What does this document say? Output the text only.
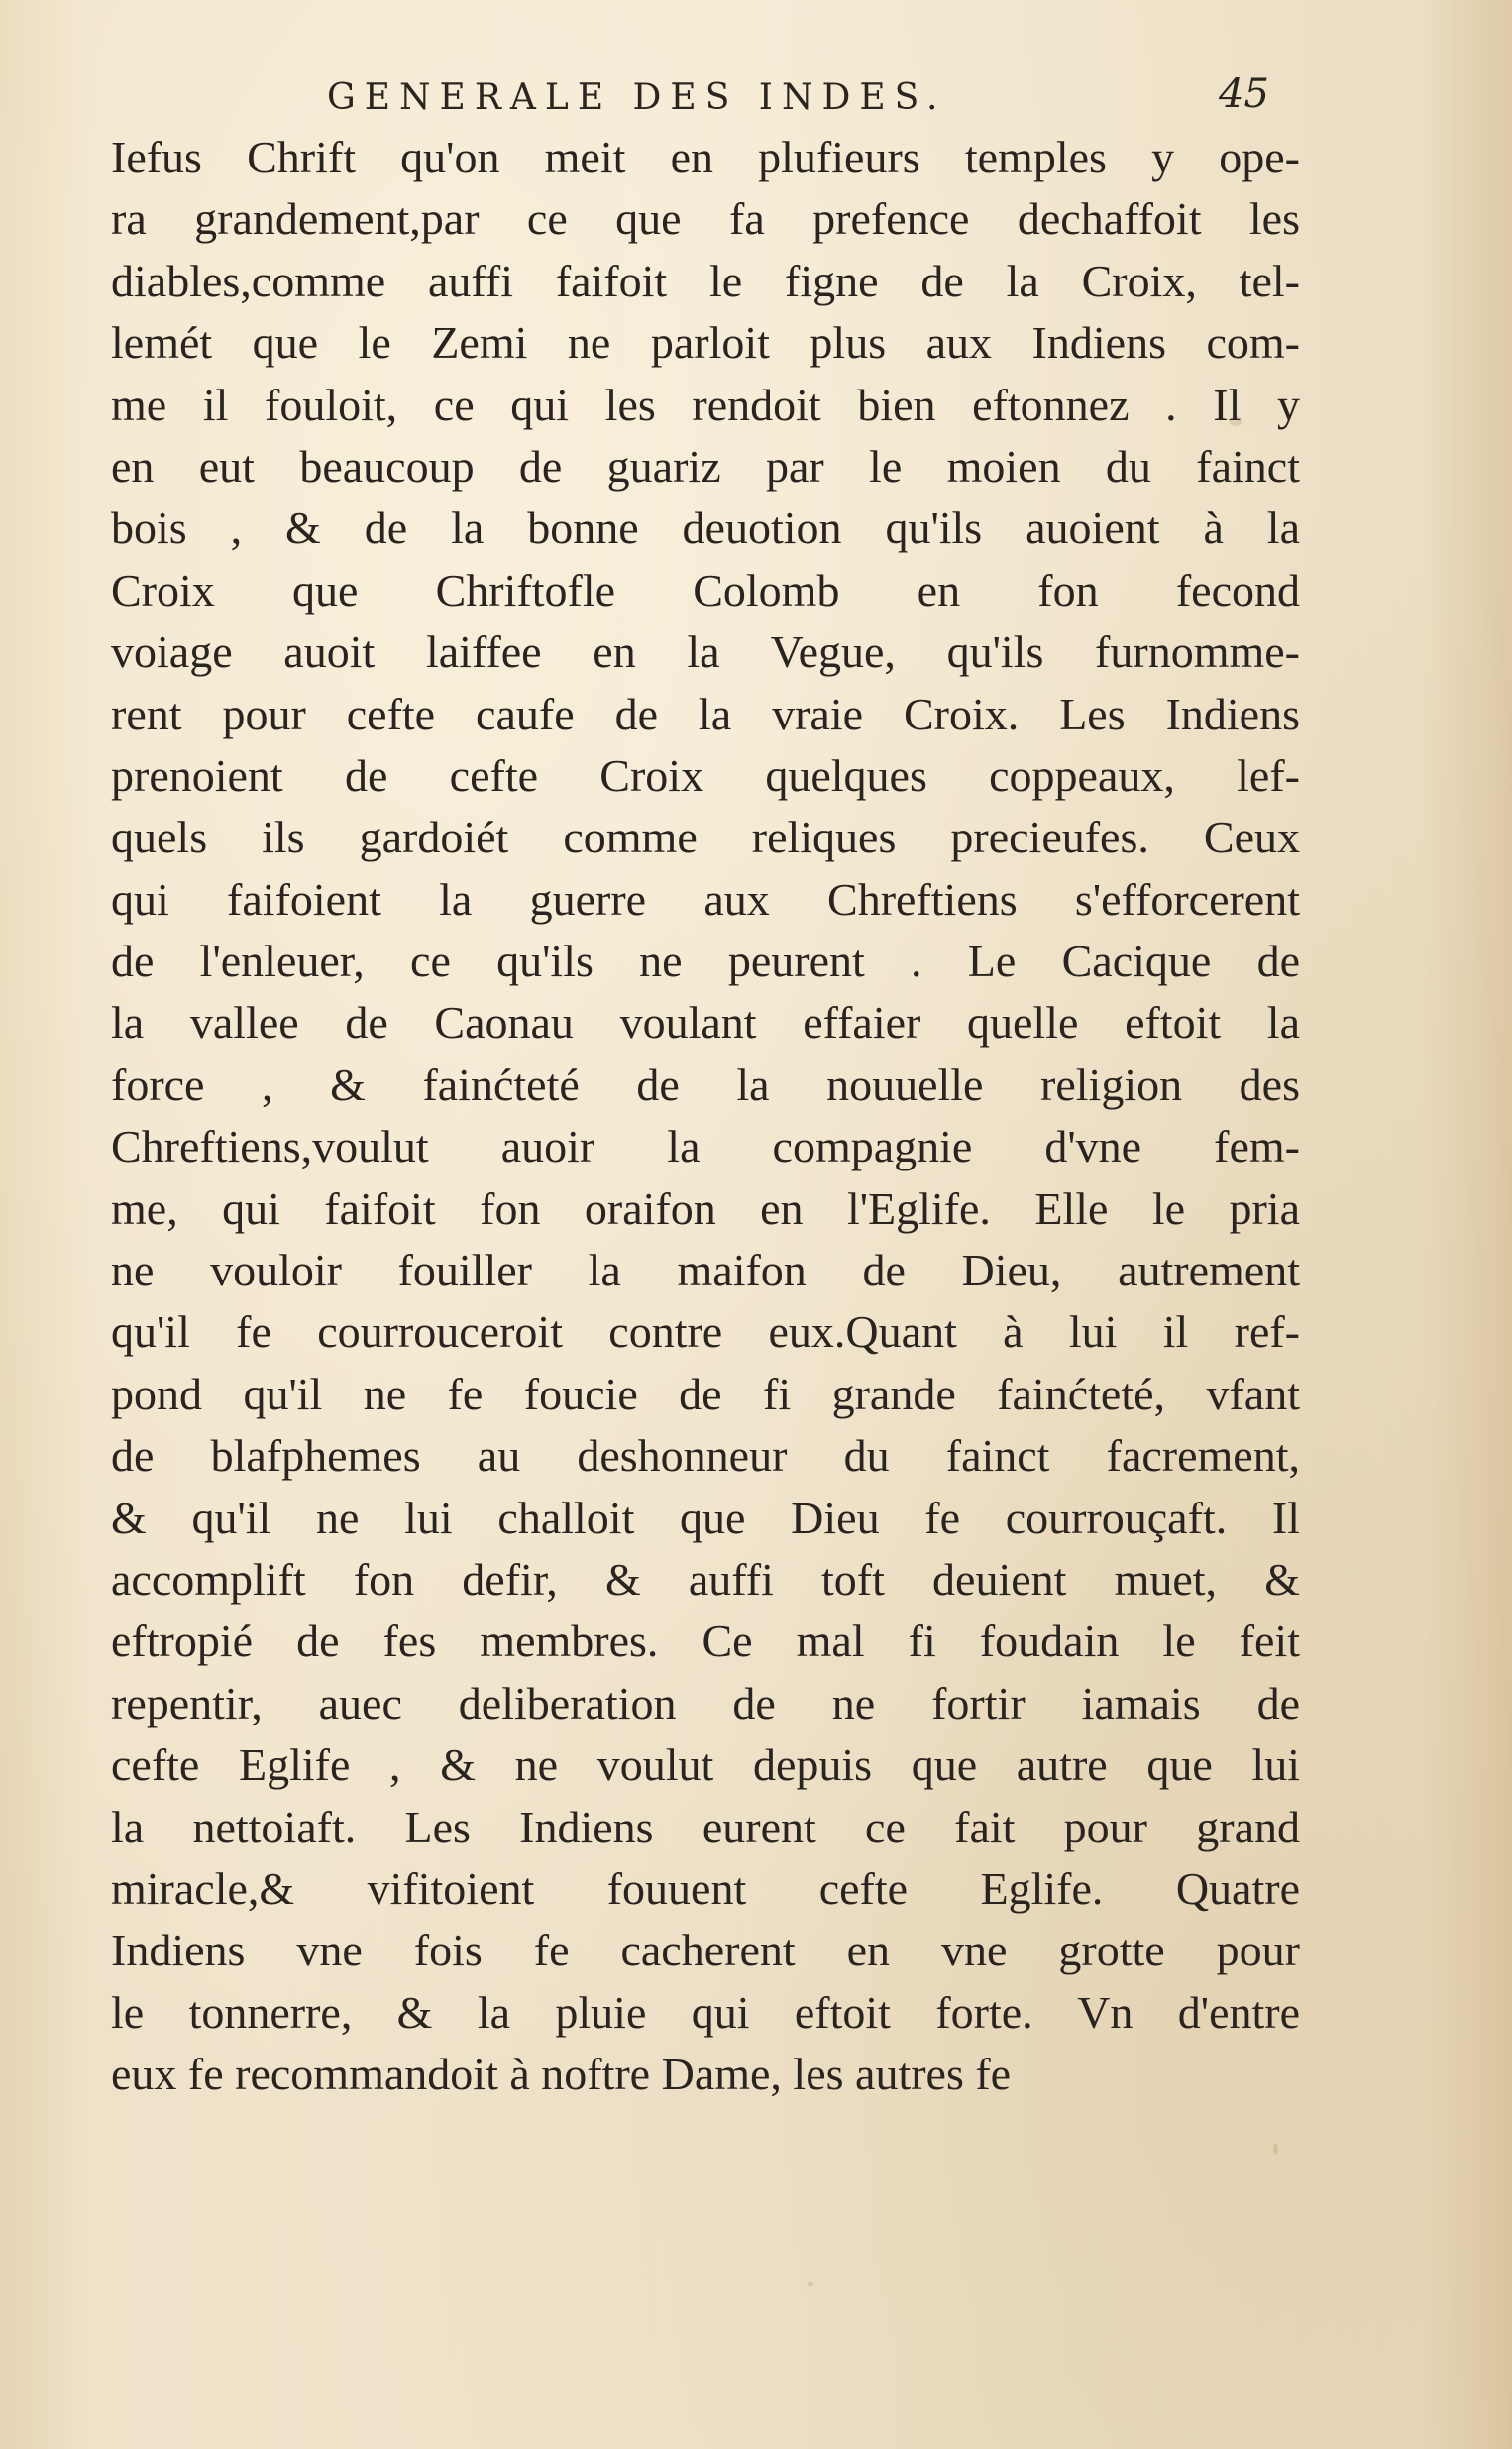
GENERALE DES INDES.	45
Iefus Chrift qu'on meit en plufieurs temples y ope-
ra grandement,par ce que fa prefence dechaffoit les
diables,comme auffi faifoit le figne de la Croix, tel-
lemét que le Zemi ne parloit plus aux Indiens com-
me il fouloit, ce qui les rendoit bien eftonnez . Il y
en eut beaucoup de guariz par le moien du fainct
bois , & de la bonne deuotion qu'ils auoient à la
Croix que Chriftofle Colomb en fon fecond
voiage auoit laiffee en la Vegue, qu'ils furnomme-
rent pour cefte caufe de la vraie Croix. Les Indiens
prenoient de cefte Croix quelques coppeaux, lef-
quels ils gardoiét comme reliques precieufes. Ceux
qui faifoient la guerre aux Chreftiens s'efforcerent
de l'enleuer, ce qu'ils ne peurent . Le Cacique de
la vallee de Caonau voulant effaier quelle eftoit la
force , & fainćteté de la nouuelle religion des
Chreftiens,voulut auoir la compagnie d'vne fem-
me, qui faifoit fon oraifon en l'Eglife. Elle le pria
ne vouloir fouiller la maifon de Dieu, autrement
qu'il fe courrouceroit contre eux.Quant à lui il ref-
pond qu'il ne fe foucie de fi grande fainćteté, vfant
de blafphemes au deshonneur du fainct facrement,
& qu'il ne lui challoit que Dieu fe courrouçaft. Il
accomplift fon defir, & auffi toft deuient muet, &
eftropié de fes membres. Ce mal fi foudain le feit
repentir, auec deliberation de ne fortir iamais de
cefte Eglife , & ne voulut depuis que autre que lui
la nettoiaft. Les Indiens eurent ce fait pour grand
miracle,& vifitoient fouuent cefte Eglife. Quatre
Indiens vne fois fe cacherent en vne grotte pour
le tonnerre, & la pluie qui eftoit forte. Vn d'entre
eux fe recommandoit à noftre Dame, les autres fe
